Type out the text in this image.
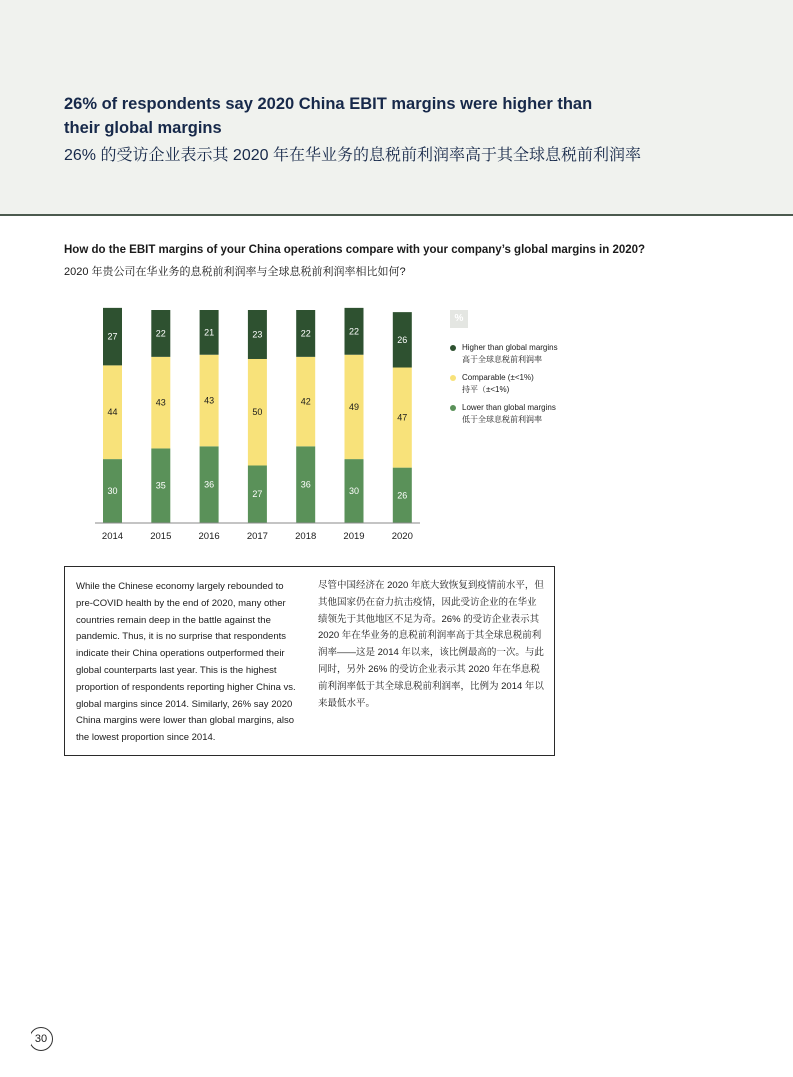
26% of respondents say 2020 China EBIT margins were higher than their global margins
26% 的受访企业表示其 2020 年在华业务的息税前利润率高于其全球息税前利润率
How do the EBIT margins of your China operations compare with your company’s global margins in 2020?
2020 年贵公司在华业务的息税前利润率与全球息税前利润率相比如何?
30
44
27
35
43
22
36
43
21
27
50
23
36
42
22
30
49
22
26
47
26
2014	2015	2016	2017	2018	2019	2020
%
Higher than global margins
高于全球息税前利润率
Comparable (±<1%)
持平（±<1%)
Lower than global margins
低于全球息税前利润率
While the Chinese economy largely rebounded to pre-COVID health by the end of 2020, many other countries remain deep in the battle against the pandemic. Thus, it is no surprise that respondents indicate their China operations outperformed their global counterparts last year. This is the highest proportion of respondents reporting higher China vs. global margins since 2014. Similarly, 26% say 2020 China margins were lower than global margins, also the lowest proportion since 2014.
尽管中国经济在 2020 年底大致恢复到疫情前水平，但其他国家仍在奋力抗击疫情，因此受访企业的在华业绩领先于其他地区不足为奇。26% 的受访企业表示其 2020 年在华业务的息税前利润率高于其全球息税前利润率——这是 2014 年以来，该比例最高的一次。与此同时，另外 26% 的受访企业表示其 2020 年在华息税前利润率低于其全球息税前利润率，比例为 2014 年以来最低水平。
30
